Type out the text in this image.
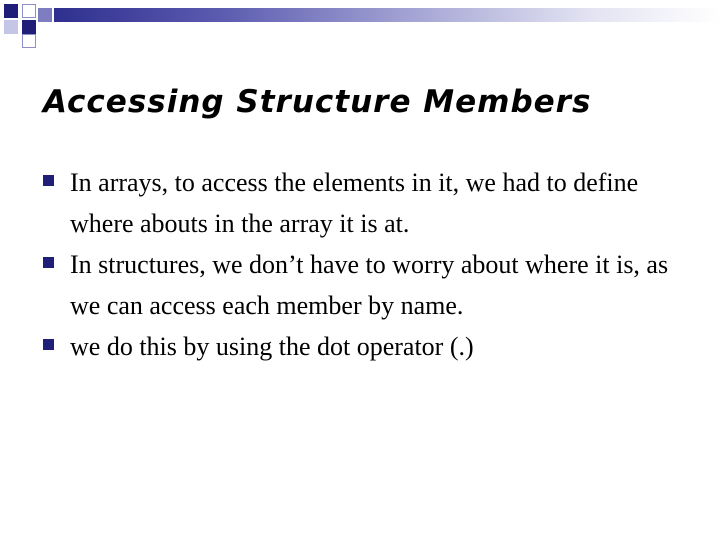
Accessing Structure Members
In arrays, to access the elements in it, we had to define where abouts in the array it is at.
In structures, we don’t have to worry about where it is, as we can access each member by name.
we do this by using the dot operator (.)
